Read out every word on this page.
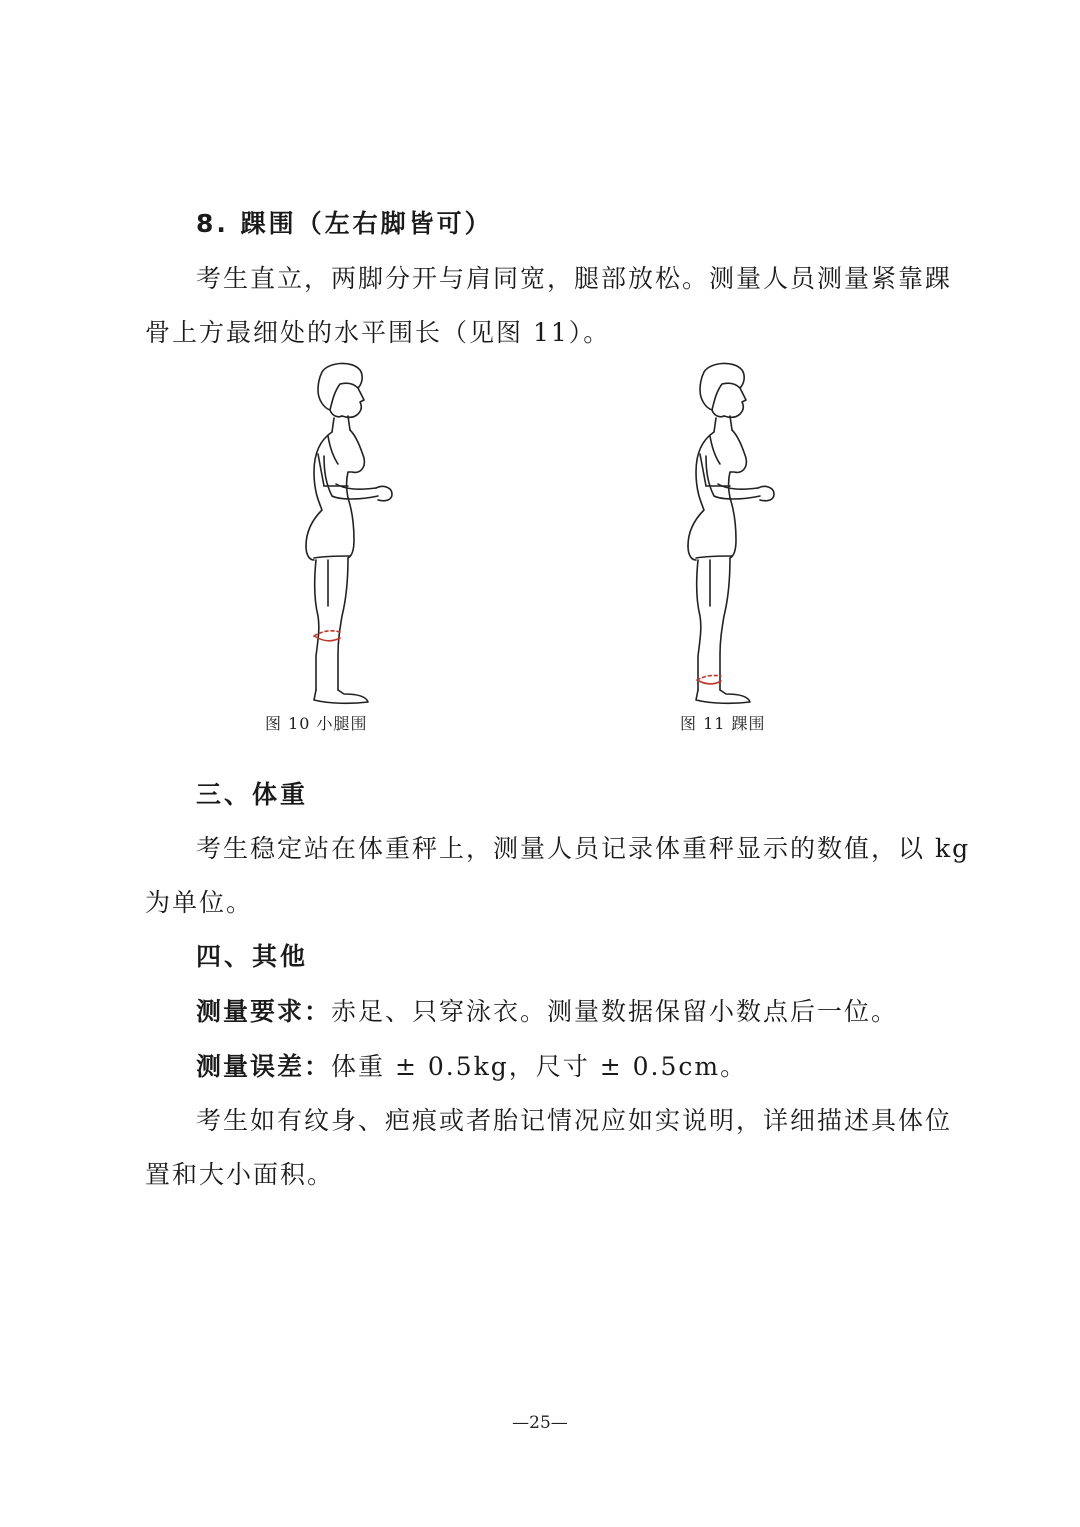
8. 踝围（左右脚皆可）
考生直立，两脚分开与肩同宽，腿部放松。测量人员测量紧靠踝
骨上方最细处的水平围长（见图 11）。
图 10 小腿围	图 11 踝围
三、体重
考生稳定站在体重秤上，测量人员记录体重秤显示的数值，以 kg
为单位。
四、其他
测量要求：赤足、只穿泳衣。测量数据保留小数点后一位。
测量误差：体重 ± 0.5kg，尺寸 ± 0.5cm。
考生如有纹身、疤痕或者胎记情况应如实说明，详细描述具体位
置和大小面积。
—25—
